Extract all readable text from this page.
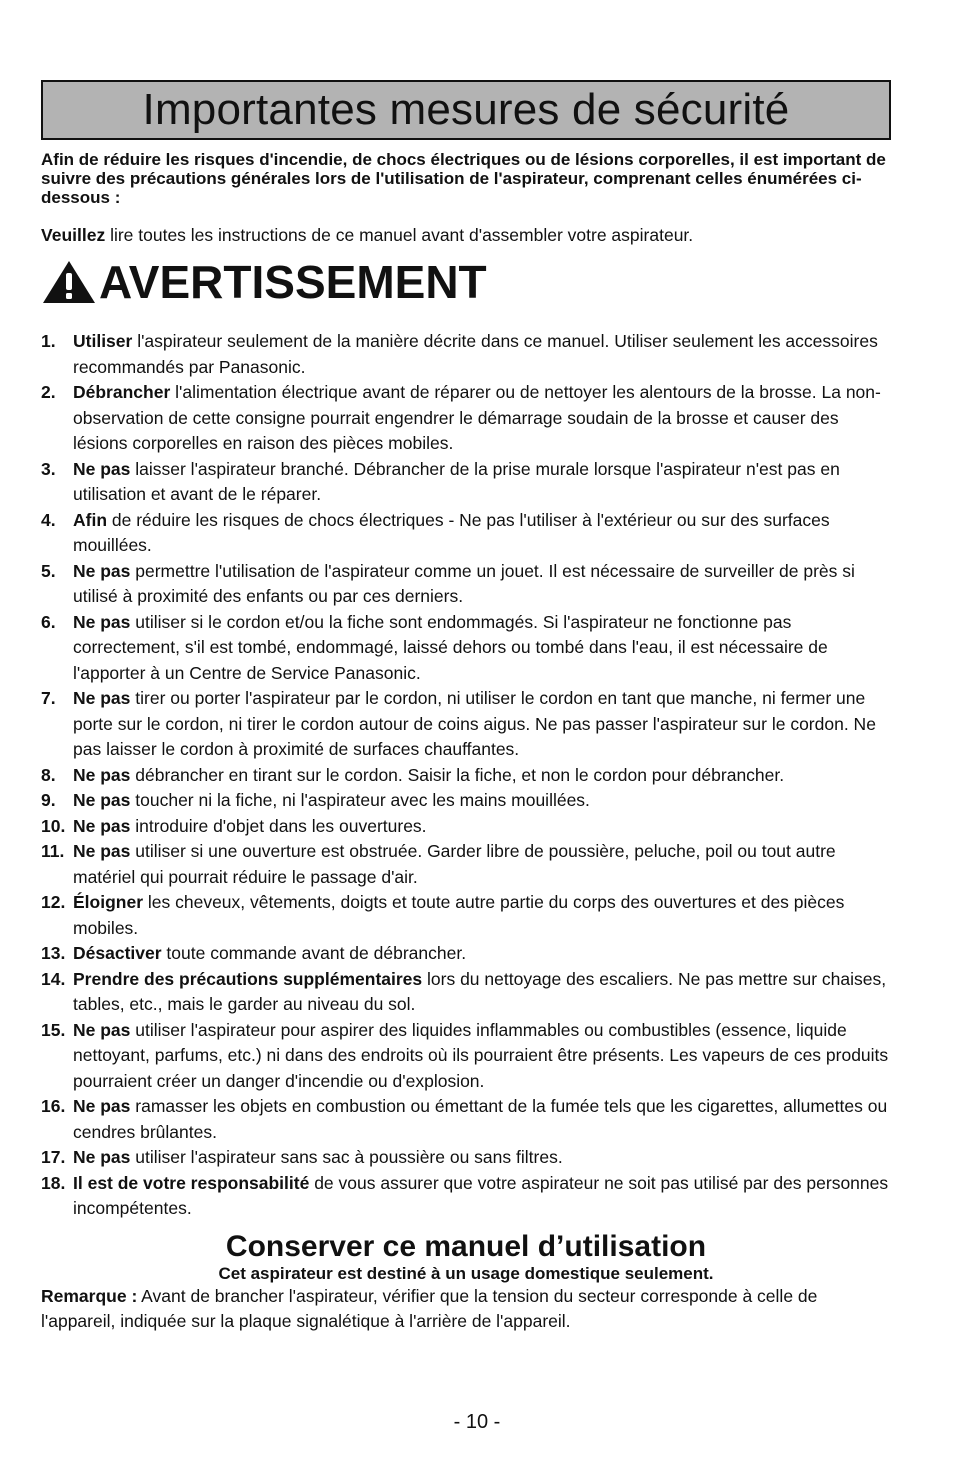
Importantes mesures de sécurité
Afin de réduire les risques d'incendie, de chocs électriques ou de lésions corporelles, il est important de suivre des précautions générales lors de l'utilisation de l'aspirateur, comprenant celles énumérées ci-dessous :
Veuillez lire toutes les instructions de ce manuel avant d'assembler votre aspirateur.
AVERTISSEMENT
1. Utiliser l'aspirateur seulement de la manière décrite dans ce manuel. Utiliser seulement les accessoires recommandés par Panasonic.
2. Débrancher l'alimentation électrique avant de réparer ou de nettoyer les alentours de la brosse. La non-observation de cette consigne pourrait engendrer le démarrage soudain de la brosse et causer des lésions corporelles en raison des pièces mobiles.
3. Ne pas laisser l'aspirateur branché. Débrancher de la prise murale lorsque l'aspirateur n'est pas en utilisation et avant de le réparer.
4. Afin de réduire les risques de chocs électriques - Ne pas l'utiliser à l'extérieur ou sur des surfaces mouillées.
5. Ne pas permettre l'utilisation de l'aspirateur comme un jouet. Il est nécessaire de surveiller de près si utilisé à proximité des enfants ou par ces derniers.
6. Ne pas utiliser si le cordon et/ou la fiche sont endommagés. Si l'aspirateur ne fonctionne pas correctement, s'il est tombé, endommagé, laissé dehors ou tombé dans l'eau, il est nécessaire de l'apporter à un Centre de Service Panasonic.
7. Ne pas tirer ou porter l'aspirateur par le cordon, ni utiliser le cordon en tant que manche, ni fermer une porte sur le cordon, ni tirer le cordon autour de coins aigus. Ne pas passer l'aspirateur sur le cordon. Ne pas laisser le cordon à proximité de surfaces chauffantes.
8. Ne pas débrancher en tirant sur le cordon. Saisir la fiche, et non le cordon pour débrancher.
9. Ne pas toucher ni la fiche, ni l'aspirateur avec les mains mouillées.
10. Ne pas introduire d'objet dans les ouvertures.
11. Ne pas utiliser si une ouverture est obstruée. Garder libre de poussière, peluche, poil ou tout autre matériel qui pourrait réduire le passage d'air.
12. Éloigner les cheveux, vêtements, doigts et toute autre partie du corps des ouvertures et des pièces mobiles.
13. Désactiver toute commande avant de débrancher.
14. Prendre des précautions supplémentaires lors du nettoyage des escaliers. Ne pas mettre sur chaises, tables, etc., mais le garder au niveau du sol.
15. Ne pas utiliser l'aspirateur pour aspirer des liquides inflammables ou combustibles (essence, liquide nettoyant, parfums, etc.) ni dans des endroits où ils pourraient être présents. Les vapeurs de ces produits pourraient créer un danger d'incendie ou d'explosion.
16. Ne pas ramasser les objets en combustion ou émettant de la fumée tels que les cigarettes, allumettes ou cendres brûlantes.
17. Ne pas utiliser l'aspirateur sans sac à poussière ou sans filtres.
18. Il est de votre responsabilité de vous assurer que votre aspirateur ne soit pas utilisé par des personnes incompétentes.
Conserver ce manuel d’utilisation
Cet aspirateur est destiné à un usage domestique seulement.
Remarque : Avant de brancher l'aspirateur, vérifier que la tension du secteur corresponde à celle de l'appareil, indiquée sur la plaque signalétique à l'arrière de l'appareil.
- 10 -
